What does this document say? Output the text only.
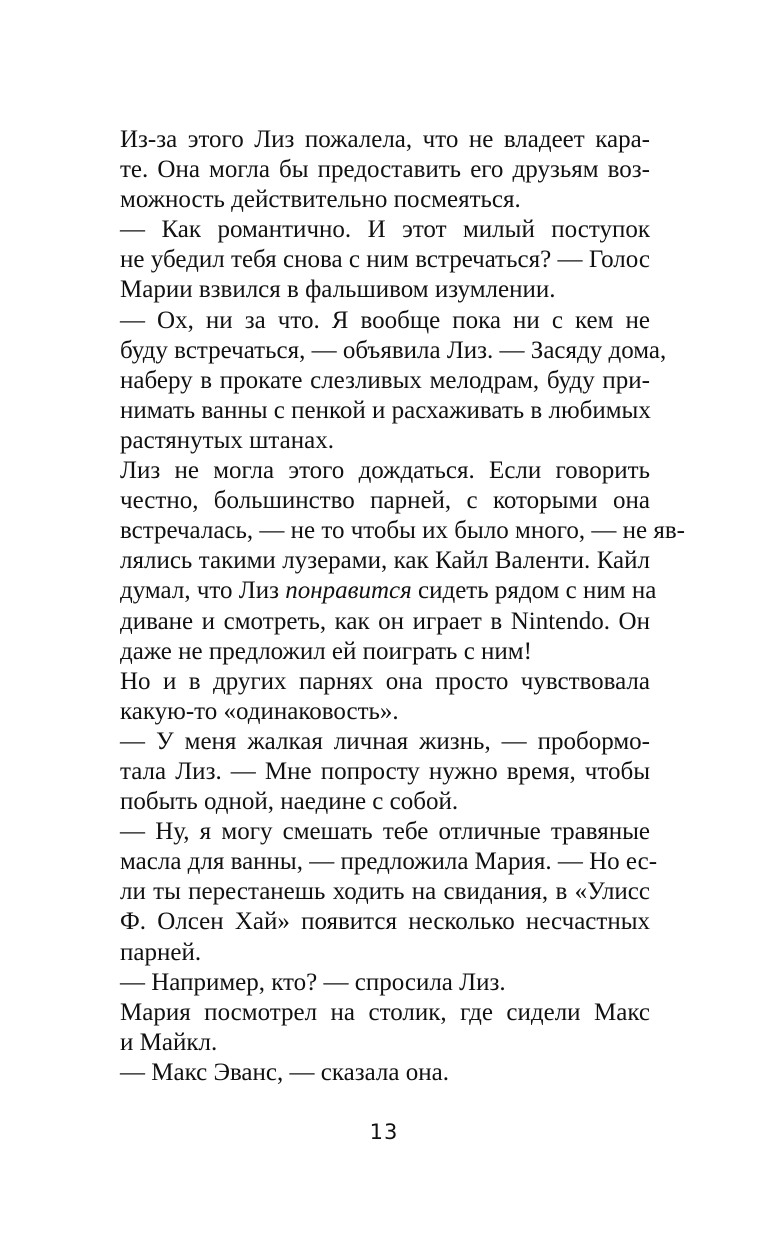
Из-за этого Лиз пожалела, что не владеет кара-
те. Она могла бы предоставить его друзьям воз-
можность действительно посмеяться.
— Как романтично. И этот милый поступок
не убедил тебя снова с ним встречаться? — Голос
Марии взвился в фальшивом изумлении.
— Ох, ни за что. Я вообще пока ни с кем не
буду встречаться, — объявила Лиз. — Засяду дома,
наберу в прокате слезливых мелодрам, буду при-
нимать ванны с пенкой и расхаживать в любимых
растянутых штанах.
Лиз не могла этого дождаться. Если говорить
честно, большинство парней, с которыми она
встречалась, — не то чтобы их было много, — не яв-
лялись такими лузерами, как Кайл Валенти. Кайл
думал, что Лиз понравится сидеть рядом с ним на
диване и смотреть, как он играет в Nintendo. Он
даже не предложил ей поиграть с ним!
Но и в других парнях она просто чувствовала
какую-то «одинаковость».
— У меня жалкая личная жизнь, — пробормо-
тала Лиз. — Мне попросту нужно время, чтобы
побыть одной, наедине с собой.
— Ну, я могу смешать тебе отличные травяные
масла для ванны, — предложила Мария. — Но ес-
ли ты перестанешь ходить на свидания, в «Улисс
Ф. Олсен Хай» появится несколько несчастных
парней.
— Например, кто? — спросила Лиз.
Мария посмотрел на столик, где сидели Макс
и Майкл.
— Макс Эванс, — сказала она.
13
